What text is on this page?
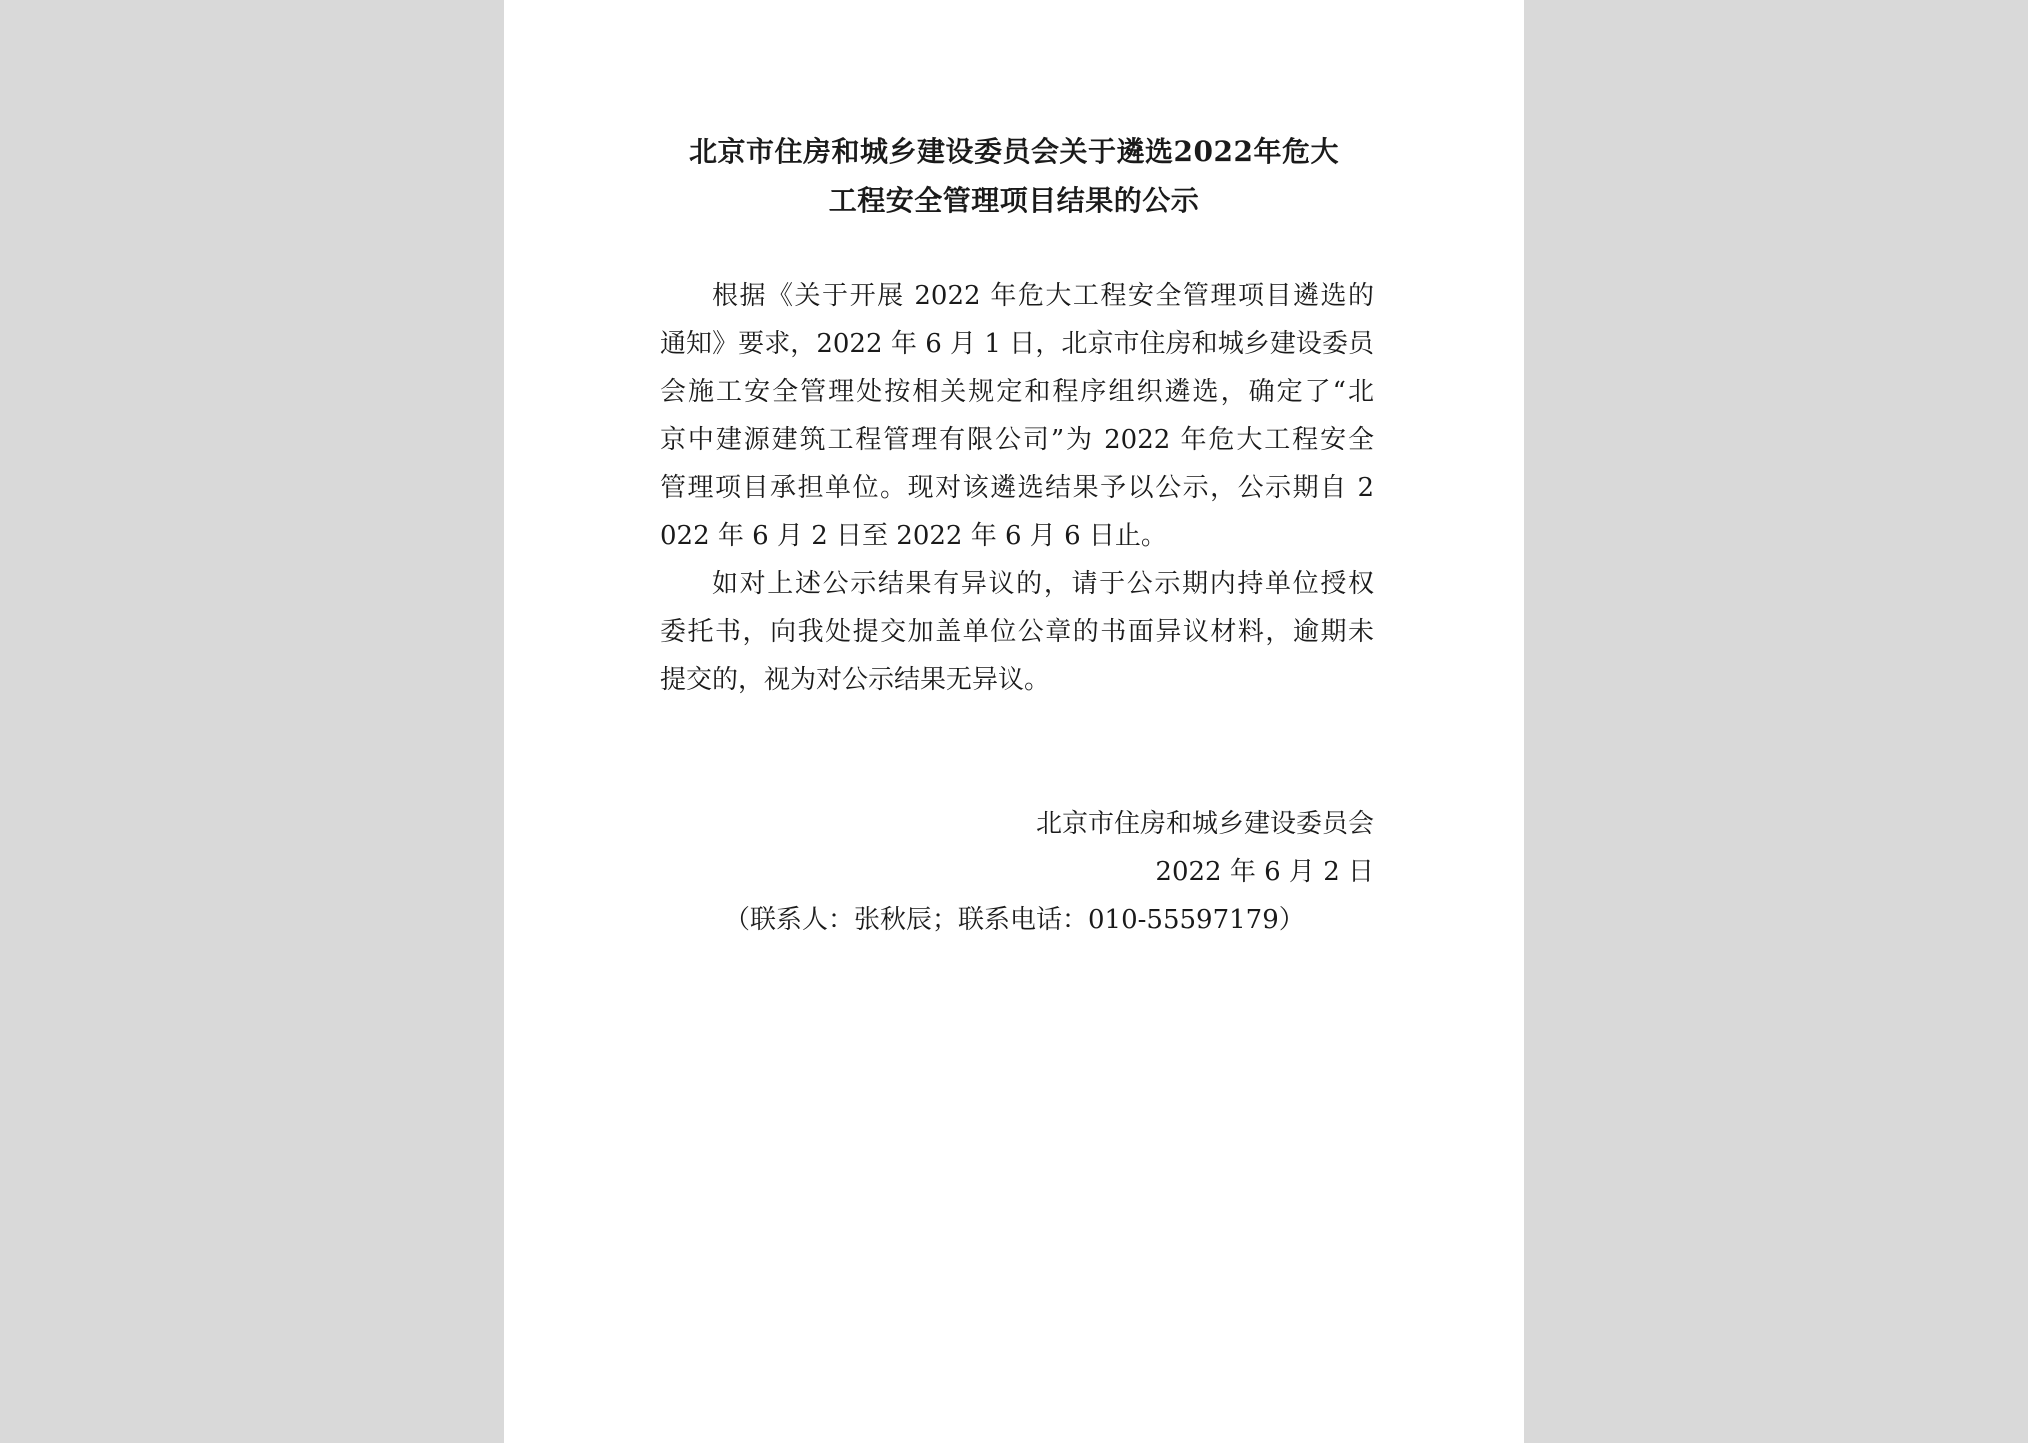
北京市住房和城乡建设委员会关于遴选2022年危大
工程安全管理项目结果的公示
根据《关于开展 2022 年危大工程安全管理项目遴选的
通知》要求，2022 年 6 月 1 日，北京市住房和城乡建设委员
会施工安全管理处按相关规定和程序组织遴选，确定了“北
京中建源建筑工程管理有限公司”为 2022 年危大工程安全
管理项目承担单位。现对该遴选结果予以公示，公示期自 2
022 年 6 月 2 日至 2022 年 6 月 6 日止。
如对上述公示结果有异议的，请于公示期内持单位授权
委托书，向我处提交加盖单位公章的书面异议材料，逾期未
提交的，视为对公示结果无异议。
北京市住房和城乡建设委员会
2022 年 6 月 2 日
（联系人：张秋辰；联系电话：010-55597179）
